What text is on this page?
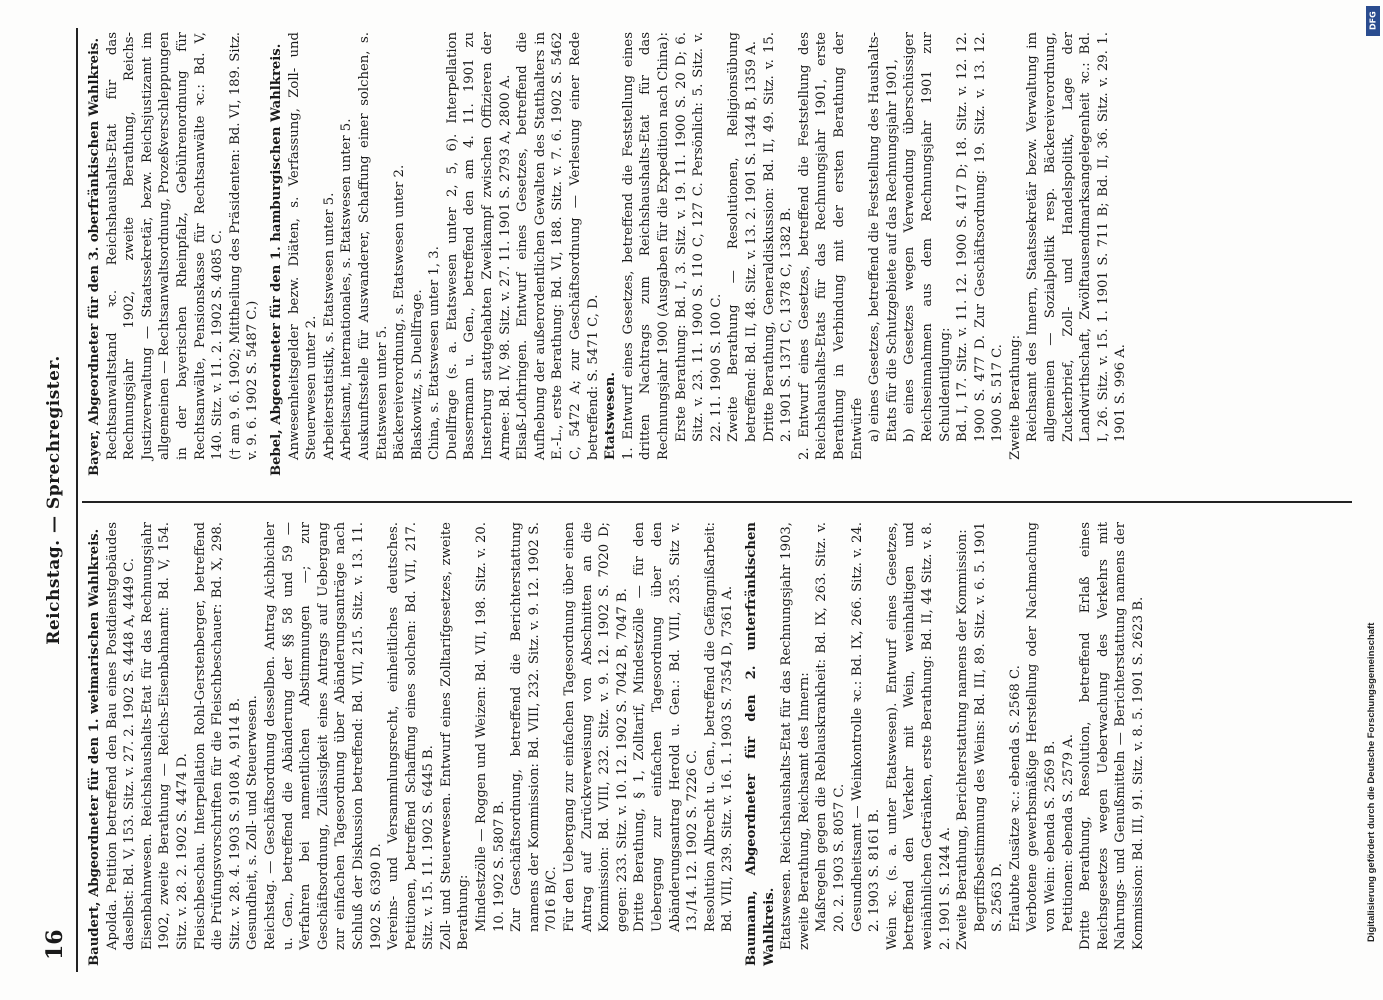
16
Reichstag. — Sprechregister.

Baudert, Abgeordneter für den 1. weimarischen Wahlkreis. Apolda. Petition betreffend den Bau eines Postdienstgebäudes daselbst: Bd. V, 153. Sitz. v. 27. 2. 1902 S. 4448 A, 4449 C. Eisenbahnwesen. Reichshaushalts-Etat für das Rechnungsjahr 1902, zweite Berathung — Reichs-Eisenbahnamt: Bd. V, 154. Sitz. v. 28. 2. 1902 S. 4474 D. Fleischbeschau. Interpellation Rohl-Gerstenberger, betreffend die Prüfungsvorschriften für die Fleischbeschauer: Bd. X, 298. Sitz. v. 28. 4. 1903 S. 9108 A, 9114 B. Gesundheit, s. Zoll- und Steuerwesen. Reichstag. — Geschäftsordnung desselben. Antrag Aichbichler u. Gen., betreffend die Abänderung der §§ 58 und 59 — Verfahren bei namentlichen Abstimmungen —; zur Geschäftsordnung, Zulässigkeit eines Antrags auf Uebergang zur einfachen Tagesordnung über Abänderungsanträge nach Schluß der Diskussion betreffend: Bd. VII, 215. Sitz. v. 13. 11. 1902 S. 6390 D. Vereins- und Versammlungsrecht, einheitliches deutsches. Petitionen, betreffend Schaffung eines solchen: Bd. VII, 217. Sitz. v. 15. 11. 1902 S. 6445 B. Zoll- und Steuerwesen. Entwurf eines Zolltarifgesetzes, zweite Berathung: Mindestzölle — Roggen und Weizen: Bd. VII, 198. Sitz. v. 20. 10. 1902 S. 5807 B. Zur Geschäftsordnung, betreffend die Berichterstattung namens der Kommission: Bd. VIII, 232. Sitz. v. 9. 12. 1902 S. 7016 B/C. Für den Uebergang zur einfachen Tagesordnung über einen Antrag auf Zurückverweisung von Abschnitten an die Kommission: Bd. VIII, 232. Sitz. v. 9. 12. 1902 S. 7020 D; gegen: 233. Sitz. v. 10. 12. 1902 S. 7042 B, 7047 B. Dritte Berathung, § 1, Zolltarif, Mindestzölle — für den Uebergang zur einfachen Tagesordnung über den Abänderungsantrag Herold u. Gen.: Bd. VIII, 235. Sitz v. 13./14. 12. 1902 S. 7226 C. Resolution Albrecht u. Gen., betreffend die Gefängnißarbeit: Bd. VIII, 239. Sitz. v. 16. 1. 1903 S. 7354 D, 7361 A. Baumann, Abgeordneter für den 2. unterfränkischen Wahlkreis. Etatswesen. Reichshaushalts-Etat für das Rechnungsjahr 1903, zweite Berathung, Reichsamt des Innern: Maßregeln gegen die Reblauskrankheit: Bd. IX, 263. Sitz. v. 20. 2. 1903 S. 8057 C. Gesundheitsamt — Weinkontrolle ꝛc.: Bd. IX, 266. Sitz. v. 24. 2. 1903 S. 8161 B. Wein ꝛc. (s. a. unter Etatswesen). Entwurf eines Gesetzes, betreffend den Verkehr mit Wein, weinhaltigen und weinähnlichen Getränken, erste Berathung: Bd. II, 44 Sitz. v. 8. 2. 1901 S. 1244 A. Zweite Berathung, Berichterstattung namens der Kommission: Begriffsbestimmung des Weins: Bd. III, 89. Sitz. v. 6. 5. 1901 S. 2563 D. Erlaubte Zusätze ꝛc.: ebenda S. 2568 C. Verbotene gewerbsmäßige Herstellung oder Nachmachung von Wein: ebenda S. 2569 B. Petitionen: ebenda S. 2579 A. Dritte Berathung, Resolution, betreffend Erlaß eines Reichsgesetzes wegen Ueberwachung des Verkehrs mit Nahrungs- und Genußmitteln — Berichterstattung namens der Kommission: Bd. III, 91. Sitz. v. 8. 5. 1901 S. 2623 B.

Bayer, Abgeordneter für den 3. oberfränkischen Wahlkreis. Rechtsanwaltstand ꝛc. Reichshaushalts-Etat für das Rechnungsjahr 1902, zweite Berathung, Reichs-Justizverwaltung — Staatssekretär, bezw. Reichsjustizamt im allgemeinen — Rechtsanwaltsordnung, Prozeßverschleppungen in der bayerischen Rheinpfalz, Gebührenordnung für Rechtsanwälte, Pensionskasse für Rechtsanwälte ꝛc.: Bd. V, 140. Sitz. v. 11. 2. 1902 S. 4085 C. († am 9. 6. 1902; Mittheilung des Präsidenten: Bd. VI, 189. Sitz. v. 9. 6. 1902 S. 5487 C.) Bebel, Abgeordneter für den 1. hamburgischen Wahlkreis. Anwesenheitsgelder bezw. Diäten, s. Verfassung, Zoll- und Steuerwesen unter 2. Arbeiterstatistik, s. Etatswesen unter 5. Arbeitsamt, internationales, s. Etatswesen unter 5. Auskunftsstelle für Auswanderer, Schaffung einer solchen, s. Etatswesen unter 5. Bäckereiverordnung, s. Etatswesen unter 2. Blaskowitz, s. Duellfrage. China, s. Etatswesen unter 1, 3. Duellfrage (s. a. Etatswesen unter 2, 5, 6). Interpellation Bassermann u. Gen., betreffend den am 4. 11. 1901 zu Insterburg stattgehabten Zweikampf zwischen Offizieren der Armee: Bd. IV, 98. Sitz. v. 27. 11. 1901 S. 2793 A, 2800 A. Elsaß-Lothringen. Entwurf eines Gesetzes, betreffend die Aufhebung der außerordentlichen Gewalten des Statthalters in E.-L., erste Berathung: Bd. VI, 188. Sitz. v. 7. 6. 1902 S. 5462 C, 5472 A; zur Geschäftsordnung — Verlesung einer Rede betreffend: S. 5471 C, D. Etatswesen. 1. Entwurf eines Gesetzes, betreffend die Feststellung eines dritten Nachtrags zum Reichshaushalts-Etat für das Rechnungsjahr 1900 (Ausgaben für die Expedition nach China): Erste Berathung: Bd. I, 3. Sitz. v. 19. 11. 1900 S. 20 D; 6. Sitz. v. 23. 11. 1900 S. 110 C, 127 C. Persönlich: 5. Sitz. v. 22. 11. 1900 S. 100 C. Zweite Berathung — Resolutionen, Religionsübung betreffend: Bd. II, 48. Sitz. v. 13. 2. 1901 S. 1344 B, 1359 A. Dritte Berathung, Generaldiskussion: Bd. II, 49. Sitz. v. 15. 2. 1901 S. 1371 C, 1378 C, 1382 B. 2. Entwurf eines Gesetzes, betreffend die Feststellung des Reichshaushalts-Etats für das Rechnungsjahr 1901, erste Berathung in Verbindung mit der ersten Berathung der Entwürfe a) eines Gesetzes, betreffend die Feststellung des Haushalts-Etats für die Schutzgebiete auf das Rechnungsjahr 1901, b) eines Gesetzes wegen Verwendung überschüssiger Reichseinnahmen aus dem Rechnungsjahr 1901 zur Schuldentilgung: Bd. I, 17. Sitz. v. 11. 12. 1900 S. 417 D; 18. Sitz. v. 12. 12. 1900 S. 477 D. Zur Geschäftsordnung: 19. Sitz. v. 13. 12. 1900 S. 517 C. Zweite Berathung: Reichsamt des Innern, Staatssekretär bezw. Verwaltung im allgemeinen — Sozialpolitik resp. Bäckereiverordnung, Zuckerbrief, Zoll- und Handelspolitik, Lage der Landwirthschaft, Zwölftausendmarksangelegenheit ꝛc.: Bd. I, 26. Sitz. v. 15. 1. 1901 S. 711 B; Bd. II, 36. Sitz. v. 29. 1. 1901 S. 996 A.

DFG
Digitalisierung gefördert durch die Deutsche Forschungsgemeinschaft
